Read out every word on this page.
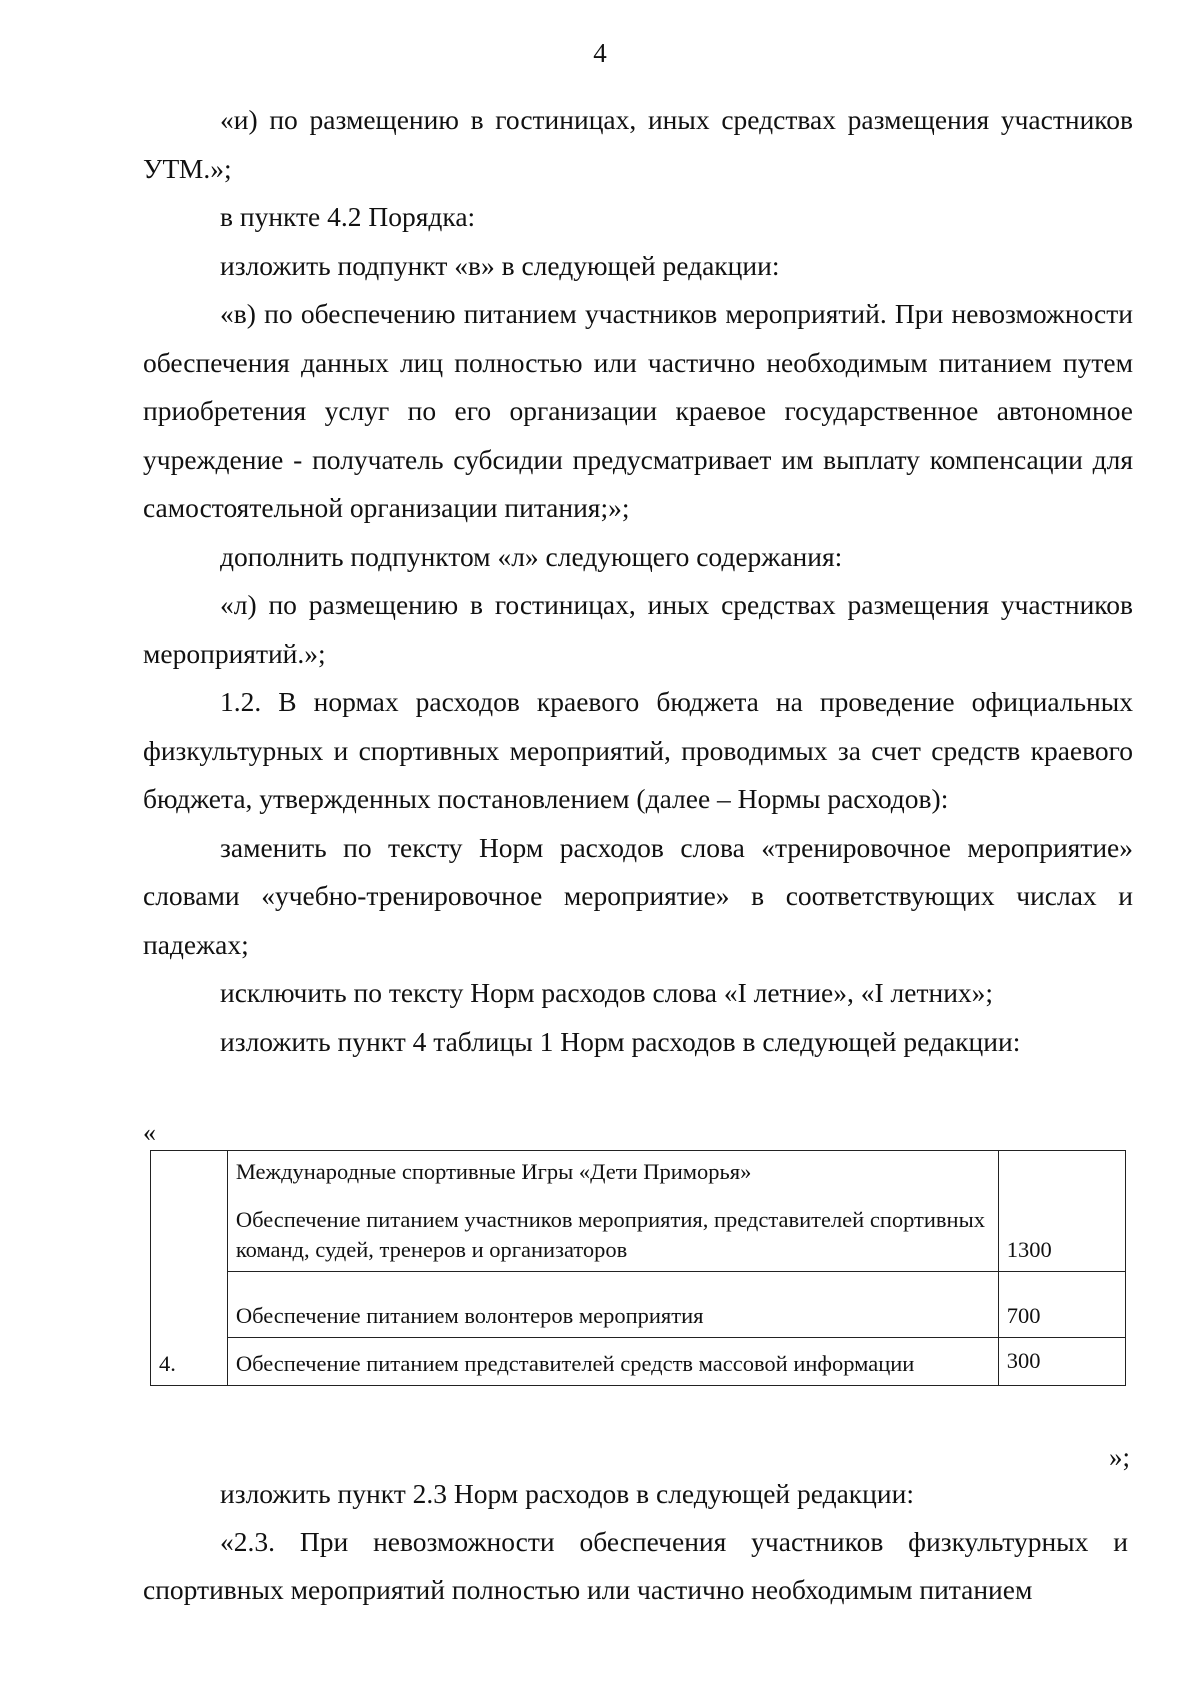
4

«и) по размещению в гостиницах, иных средствах размещения участников УТМ.»;

в пункте 4.2 Порядка:

изложить подпункт «в» в следующей редакции:

«в) по обеспечению питанием участников мероприятий. При невозможности обеспечения данных лиц полностью или частично необходимым питанием путем приобретения услуг по его организации краевое государственное автономное учреждение - получатель субсидии предусматривает им выплату компенсации для самостоятельной организации питания;»;

дополнить подпунктом «л» следующего содержания:

«л) по размещению в гостиницах, иных средствах размещения участников мероприятий.»;

1.2. В нормах расходов краевого бюджета на проведение официальных физкультурных и спортивных мероприятий, проводимых за счет средств краевого бюджета, утвержденных постановлением (далее – Нормы расходов):

заменить по тексту Норм расходов слова «тренировочное мероприятие» словами «учебно-тренировочное мероприятие» в соответствующих числах и падежах;

исключить по тексту Норм расходов слова «I летние», «I летних»;

изложить пункт 4 таблицы 1 Норм расходов в следующей редакции:

«
4.	Международные спортивные Игры «Дети Приморья»
Обеспечение питанием участников мероприятия, представителей спортивных команд, судей, тренеров и организаторов	1300
	Обеспечение питанием волонтеров мероприятия	700
	Обеспечение питанием представителей средств массовой информации	300
»;

изложить пункт 2.3 Норм расходов в следующей редакции:

«2.3. При невозможности обеспечения участников физкультурных и спортивных мероприятий полностью или частично необходимым питанием
